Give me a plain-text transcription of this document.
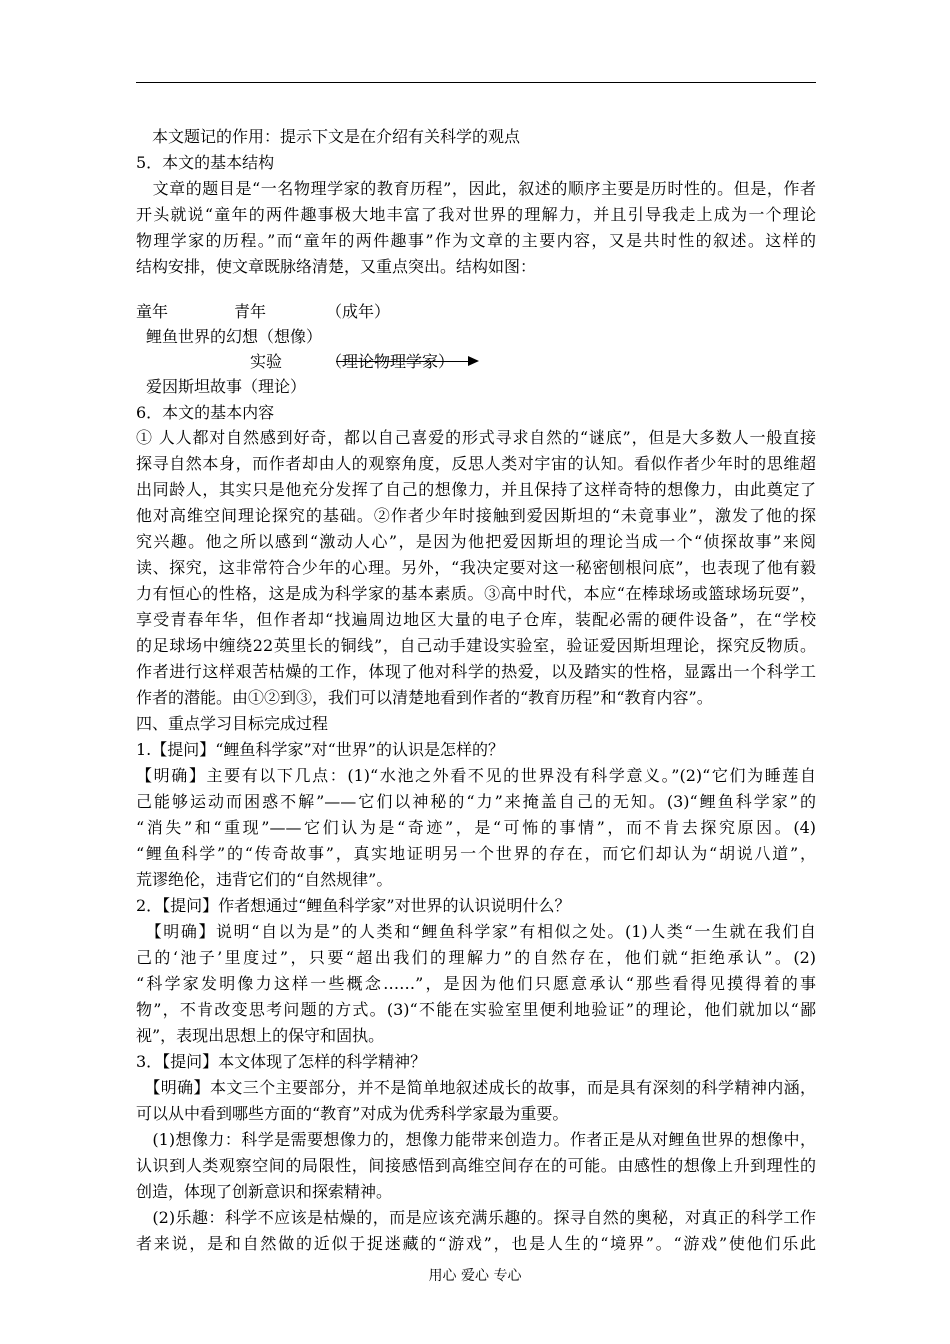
　本文题记的作用：提示下文是在介绍有关科学的观点
5．本文的基本结构
　文章的题目是“一名物理学家的教育历程”，因此，叙述的顺序主要是历时性的。但是，作者
开头就说“童年的两件趣事极大地丰富了我对世界的理解力，并且引导我走上成为一个理论
物理学家的历程。”而“童年的两件趣事”作为文章的主要内容，又是共时性的叙述。这样的
结构安排，使文章既脉络清楚，又重点突出。结构如图：
童年	青年	（成年）
鲤鱼世界的幻想（想像）
实验	（理论物理学家）
爱因斯坦故事（理论）
6．本文的基本内容
① 人人都对自然感到好奇，都以自己喜爱的形式寻求自然的“谜底”，但是大多数人一般直接
探寻自然本身，而作者却由人的观察角度，反思人类对宇宙的认知。看似作者少年时的思维超
出同龄人，其实只是他充分发挥了自己的想像力，并且保持了这样奇特的想像力，由此奠定了
他对高维空间理论探究的基础。②作者少年时接触到爱因斯坦的“未竟事业”，激发了他的探
究兴趣。他之所以感到“激动人心”，是因为他把爱因斯坦的理论当成一个“侦探故事”来阅
读、探究，这非常符合少年的心理。另外，“我决定要对这一秘密刨根问底”，也表现了他有毅
力有恒心的性格，这是成为科学家的基本素质。③高中时代，本应“在棒球场或篮球场玩耍”，
享受青春年华，但作者却“找遍周边地区大量的电子仓库，装配必需的硬件设备”，在“学校
的足球场中缠绕22英里长的铜线”，自己动手建设实验室，验证爱因斯坦理论，探究反物质。
作者进行这样艰苦枯燥的工作，体现了他对科学的热爱，以及踏实的性格，显露出一个科学工
作者的潜能。由①②到③，我们可以清楚地看到作者的“教育历程”和“教育内容”。
四、重点学习目标完成过程
1.【提问】“鲤鱼科学家”对“世界”的认识是怎样的？
【明确】主要有以下几点：(1)“水池之外看不见的世界没有科学意义。”(2)“它们为睡莲自
己能够运动而困惑不解”——它们以神秘的“力”来掩盖自己的无知。(3)“鲤鱼科学家”的
“消失”和“重现”——它们认为是“奇迹”，是“可怖的事情”，而不肯去探究原因。(4)
“鲤鱼科学”的“传奇故事”，真实地证明另一个世界的存在，而它们却认为“胡说八道”，
荒谬绝伦，违背它们的“自然规律”。
2．【提问】作者想通过“鲤鱼科学家”对世界的认识说明什么？
　【明确】说明“自以为是”的人类和“鲤鱼科学家”有相似之处。(1)人类“一生就在我们自
己的‘池子’里度过”，只要“超出我们的理解力”的自然存在，他们就“拒绝承认”。(2)
“科学家发明像力这样一些概念……”，是因为他们只愿意承认“那些看得见摸得着的事
物”，不肯改变思考问题的方式。(3)“不能在实验室里便利地验证”的理论，他们就加以“鄙
视”，表现出思想上的保守和固执。
3．【提问】本文体现了怎样的科学精神？
　【明确】本文三个主要部分，并不是简单地叙述成长的故事，而是具有深刻的科学精神内涵，
可以从中看到哪些方面的“教育”对成为优秀科学家最为重要。
　(1)想像力：科学是需要想像力的，想像力能带来创造力。作者正是从对鲤鱼世界的想像中，
认识到人类观察空间的局限性，间接感悟到高维空间存在的可能。由感性的想像上升到理性的
创造，体现了创新意识和探索精神。
　(2)乐趣：科学不应该是枯燥的，而是应该充满乐趣的。探寻自然的奥秘，对真正的科学工作
者来说，是和自然做的近似于捉迷藏的“游戏”，也是人生的“境界”。“游戏”使他们乐此
用心 爱心 专心
